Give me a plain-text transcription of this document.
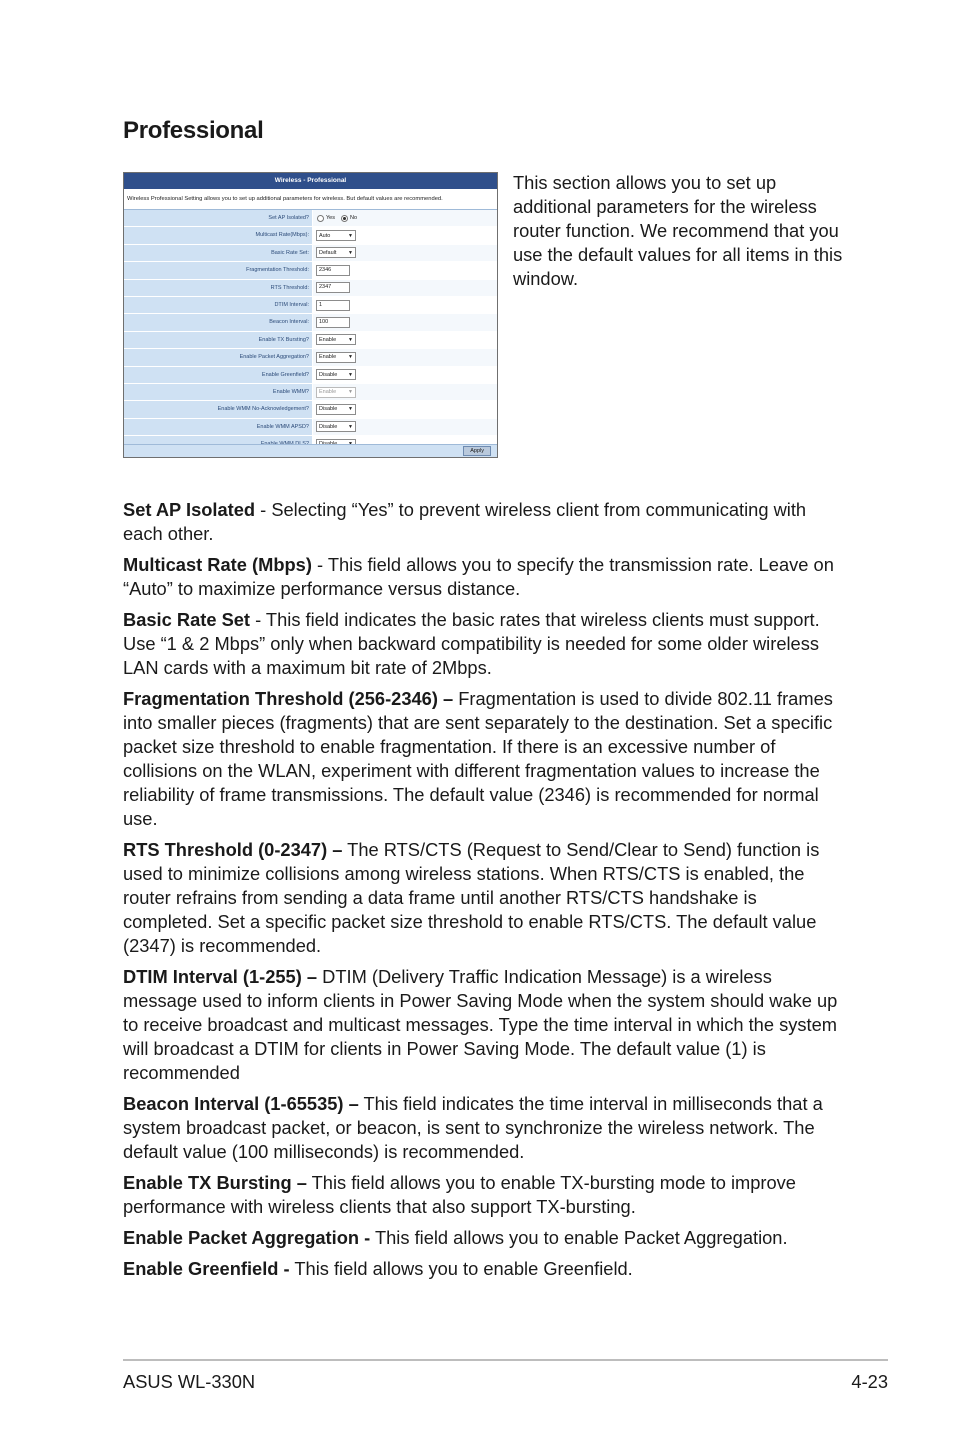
Professional
Wireless - Professional
Wireless Professional Setting allows you to set up additional parameters for wireless. But default values are recommended.
Set AP Isolated?	Yes	No
Multicast Rate(Mbps):	Auto	▼
Basic Rate Set:	Default	▼
Fragmentation Threshold:	2346
RTS Threshold:	2347
DTIM Interval:	1
Beacon Interval:	100
Enable TX Bursting?	Enable	▼
Enable Packet Aggregation?	Enable	▼
Enable Greenfield?	Disable	▼
Enable WMM?	Enable	▼
Enable WMM No-Acknowledgement?	Disable	▼
Enable WMM APSD?	Disable	▼
Apply

This section allows you to set up additional parameters for the wireless router function. We recommend that you use the default values for all items in this window.

Set AP Isolated - Selecting “Yes” to prevent wireless client from communicating with each other.

Multicast Rate (Mbps) - This field allows you to specify the transmission rate. Leave on “Auto” to maximize performance versus distance.

Basic Rate Set - This field indicates the basic rates that wireless clients must support. Use “1 & 2 Mbps” only when backward compatibility is needed for some older wireless LAN cards with a maximum bit rate of 2Mbps.

Fragmentation Threshold (256-2346) – Fragmentation is used to divide 802.11 frames into smaller pieces (fragments) that are sent separately to the destination. Set a specific packet size threshold to enable fragmentation. If there is an excessive number of collisions on the WLAN, experiment with different fragmentation values to increase the reliability of frame transmissions. The default value (2346) is recommended for normal use.

RTS Threshold (0-2347) – The RTS/CTS (Request to Send/Clear to Send) function is used to minimize collisions among wireless stations. When RTS/CTS is enabled, the router refrains from sending a data frame until another RTS/CTS handshake is completed. Set a specific packet size threshold to enable RTS/CTS. The default value (2347) is recommended.

DTIM Interval (1-255) – DTIM (Delivery Traffic Indication Message) is a wireless message used to inform clients in Power Saving Mode when the system should wake up to receive broadcast and multicast messages. Type the time interval in which the system will broadcast a DTIM for clients in Power Saving Mode. The default value (1) is recommended

Beacon Interval (1-65535) – This field indicates the time interval in milliseconds that a system broadcast packet, or beacon, is sent to synchronize the wireless network. The default value (100 milliseconds) is recommended.

Enable TX Bursting – This field allows you to enable TX-bursting mode to improve performance with wireless clients that also support TX-bursting.

Enable Packet Aggregation - This field allows you to enable Packet Aggregation.

Enable Greenfield - This field allows you to enable Greenfield.

ASUS WL-330N	4-23
